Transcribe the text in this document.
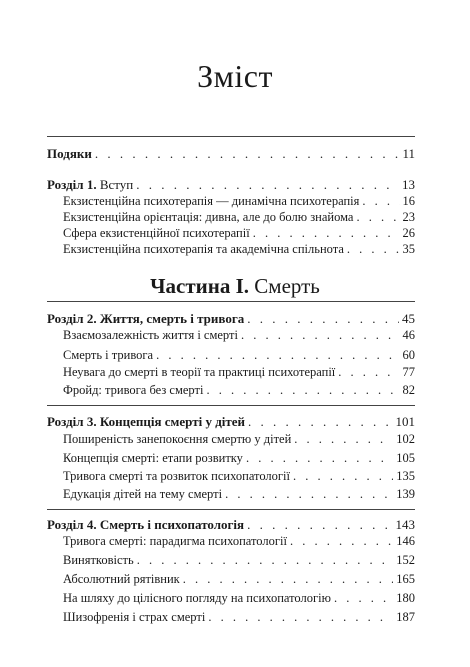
Зміст
Подяки . . .	11
Розділ 1. Вступ . . .	13
Екзистенційна психотерапія — динамічна психотерапія . . .	16
Екзистенційна орієнтація: дивна, але до болю знайома . . .	23
Сфера екзистенційної психотерапії . . .	26
Екзистенційна психотерапія та академічна спільнота . . .	35
Частина І. Смерть
Розділ 2. Життя, смерть і тривога . . .	45
Взаємозалежність життя і смерті . . .	46
Смерть і тривога . . .	60
Неувага до смерті в теорії та практиці психотерапії . . .	77
Фройд: тривога без смерті . . .	82
Розділ 3. Концепція смерті у дітей . . .	101
Поширеність занепокоєння смертю у дітей . . .	102
Концепція смерті: етапи розвитку . . .	105
Тривога смерті та розвиток психопатології . . .	135
Едукація дітей на тему смерті . . .	139
Розділ 4. Смерть і психопатологія . . .	143
Тривога смерті: парадигма психопатології . . .	146
Винятковість . . .	152
Абсолютний рятівник . . .	165
На шляху до цілісного погляду на психопатологію . . .	180
Шизофренія і страх смерті . . .	187
